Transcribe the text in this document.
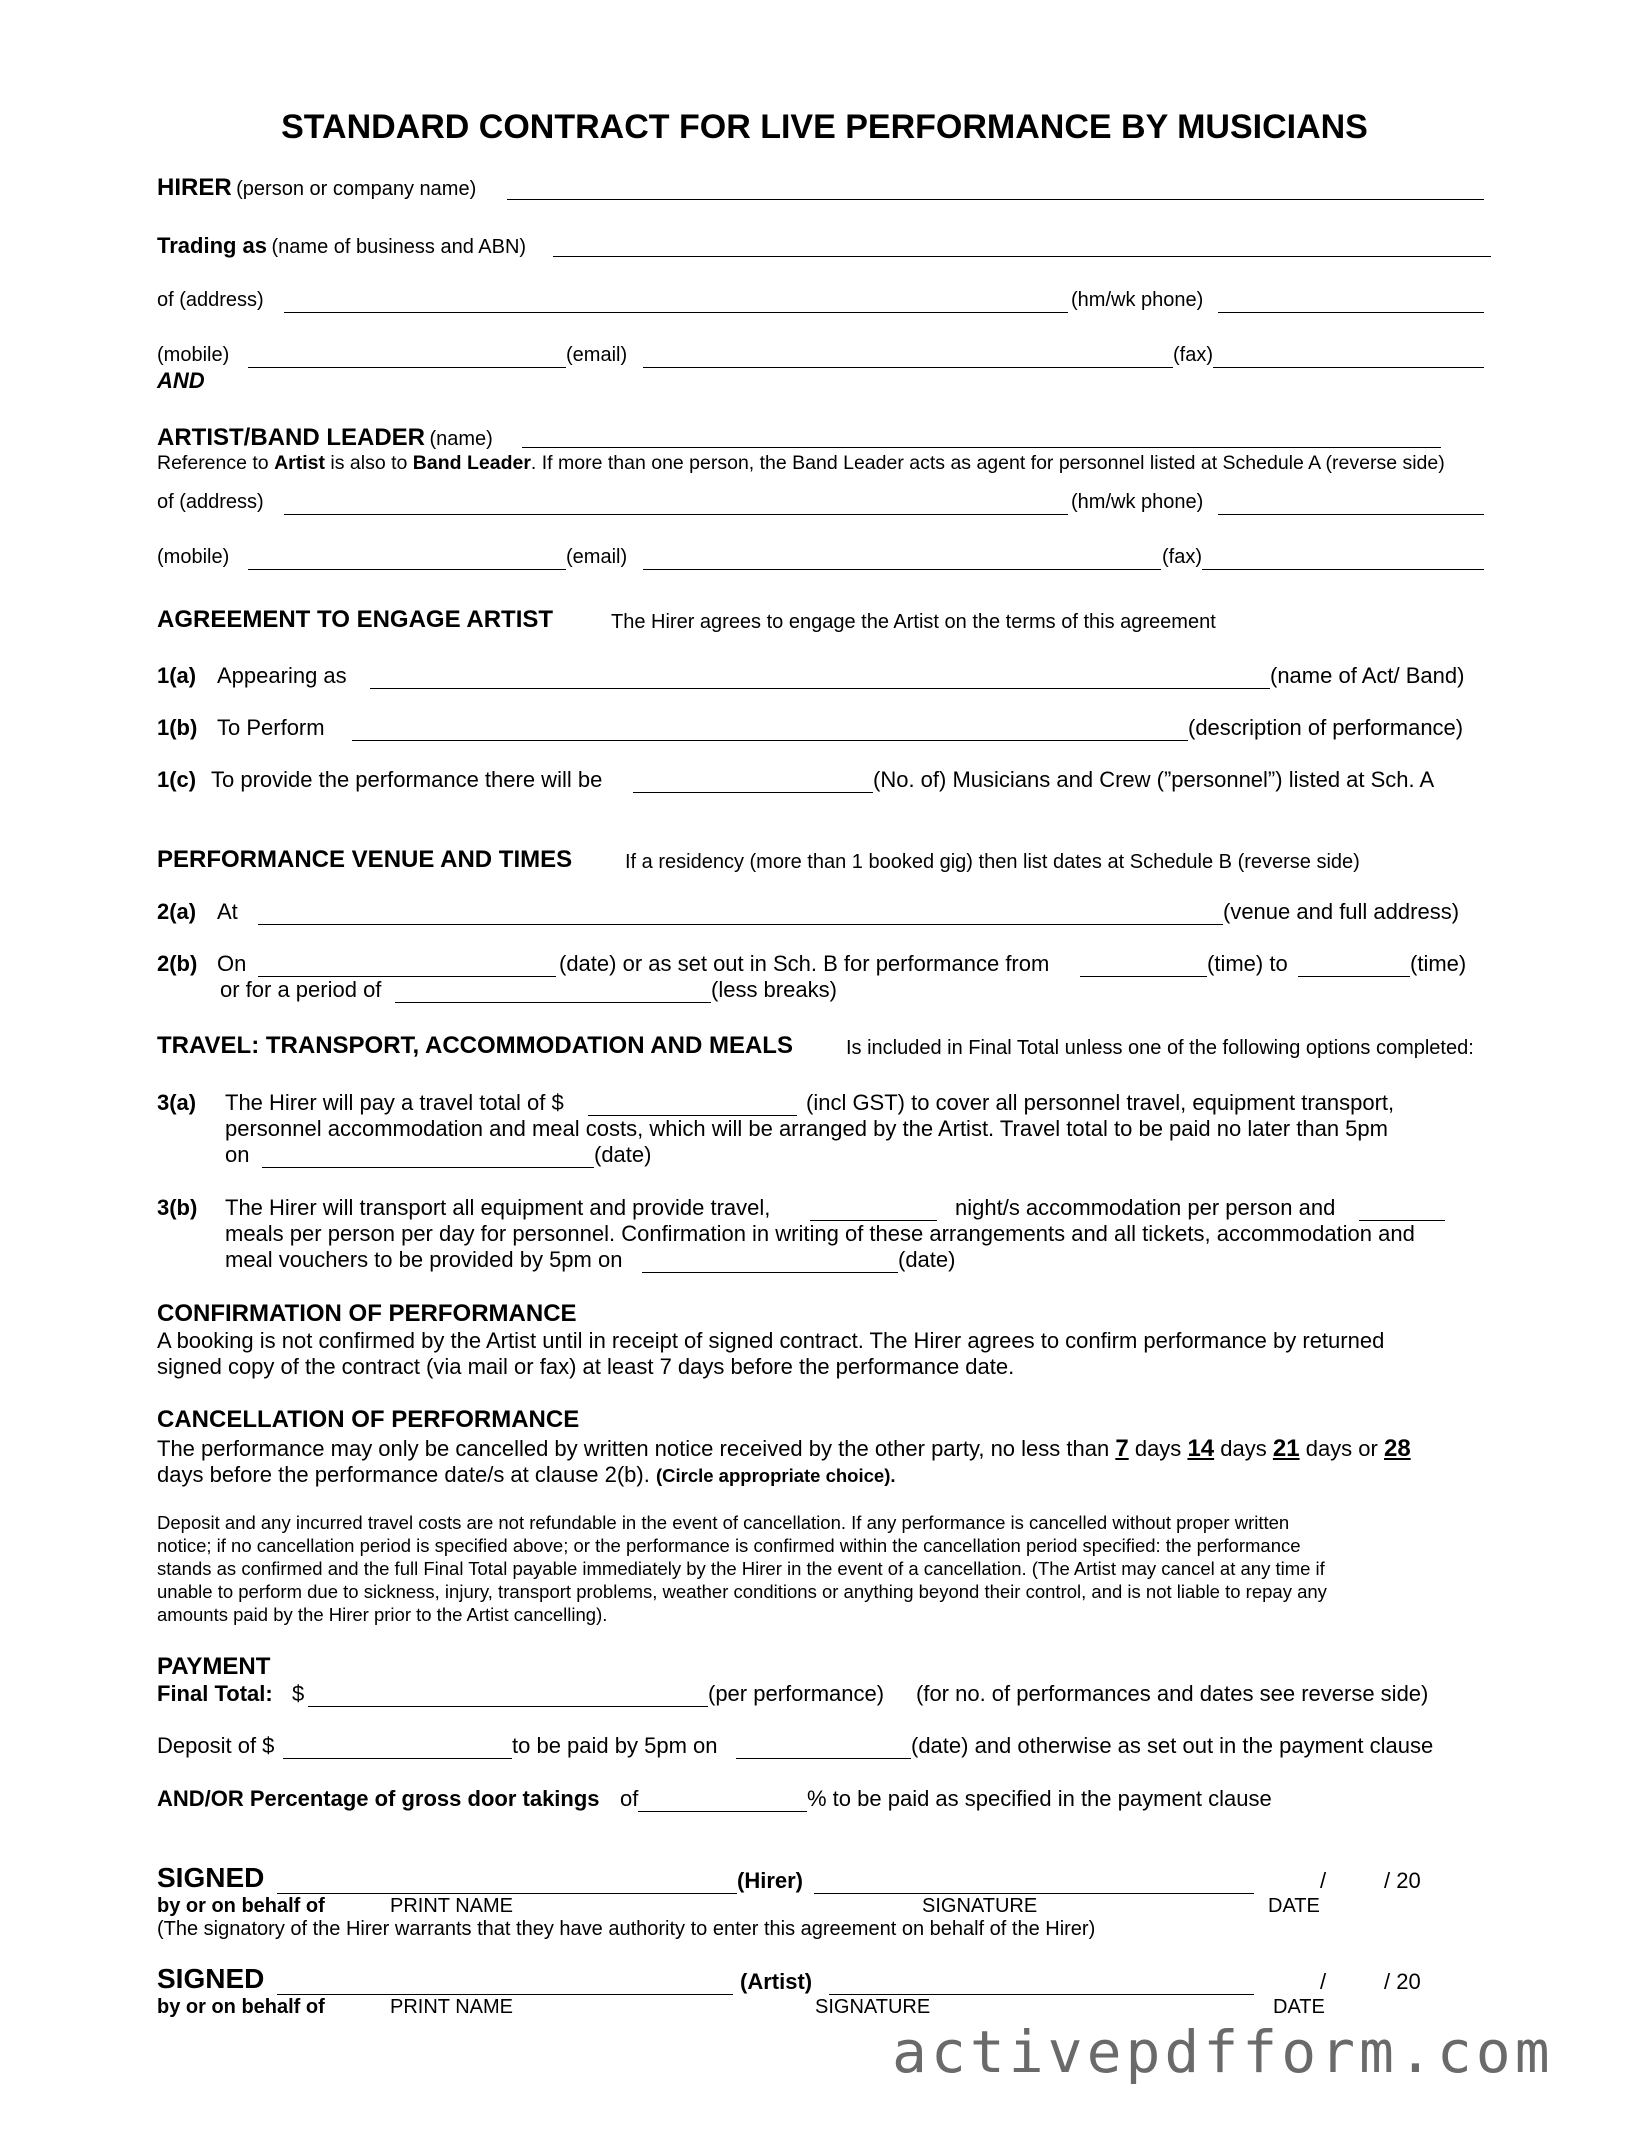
STANDARD CONTRACT FOR LIVE PERFORMANCE BY MUSICIANS
HIRER (person or company name)
Trading as (name of business and ABN)
of (address)	(hm/wk phone)
(mobile)	(email)	(fax)
AND
ARTIST/BAND LEADER (name)
Reference to Artist is also to Band Leader. If more than one person, the Band Leader acts as agent for personnel listed at Schedule A (reverse side)
of (address)	(hm/wk phone)
(mobile)	(email)	(fax)
AGREEMENT TO ENGAGE ARTIST	The Hirer agrees to engage the Artist on the terms of this agreement
1(a) Appearing as	(name of Act/ Band)
1(b) To Perform	(description of performance)
1(c) To provide the performance there will be	(No. of) Musicians and Crew (”personnel”) listed at Sch. A
PERFORMANCE VENUE AND TIMES	If a residency (more than 1 booked gig) then list dates at Schedule B (reverse side)
2(a) At	(venue and full address)
2(b) On	(date) or as set out in Sch. B for performance from	(time) to	(time)
or for a period of	(less breaks)
TRAVEL: TRANSPORT, ACCOMMODATION AND MEALS	Is included in Final Total unless one of the following options completed:
3(a) The Hirer will pay a travel total of $	(incl GST) to cover all personnel travel, equipment transport,
personnel accommodation and meal costs, which will be arranged by the Artist. Travel total to be paid no later than 5pm
on	(date)
3(b) The Hirer will transport all equipment and provide travel,	night/s accommodation per person and
meals per person per day for personnel. Confirmation in writing of these arrangements and all tickets, accommodation and
meal vouchers to be provided by 5pm on	(date)
CONFIRMATION OF PERFORMANCE
A booking is not confirmed by the Artist until in receipt of signed contract. The Hirer agrees to confirm performance by returned
signed copy of the contract (via mail or fax) at least 7 days before the performance date.
CANCELLATION OF PERFORMANCE
The performance may only be cancelled by written notice received by the other party, no less than 7 days 14 days 21 days or 28
days before the performance date/s at clause 2(b). (Circle appropriate choice).
Deposit and any incurred travel costs are not refundable in the event of cancellation. If any performance is cancelled without proper written
notice; if no cancellation period is specified above; or the performance is confirmed within the cancellation period specified: the performance
stands as confirmed and the full Final Total payable immediately by the Hirer in the event of a cancellation. (The Artist may cancel at any time if
unable to perform due to sickness, injury, transport problems, weather conditions or anything beyond their control, and is not liable to repay any
amounts paid by the Hirer prior to the Artist cancelling).
PAYMENT
Final Total: $	(per performance) (for no. of performances and dates see reverse side)
Deposit of $	to be paid by 5pm on	(date) and otherwise as set out in the payment clause
AND/OR Percentage of gross door takings of	% to be paid as specified in the payment clause
SIGNED	(Hirer)	/	/ 20
by or on behalf of	PRINT NAME	SIGNATURE	DATE
(The signatory of the Hirer warrants that they have authority to enter this agreement on behalf of the Hirer)
SIGNED	(Artist)	/	/ 20
by or on behalf of	PRINT NAME	SIGNATURE	DATE
activepdfform.com
